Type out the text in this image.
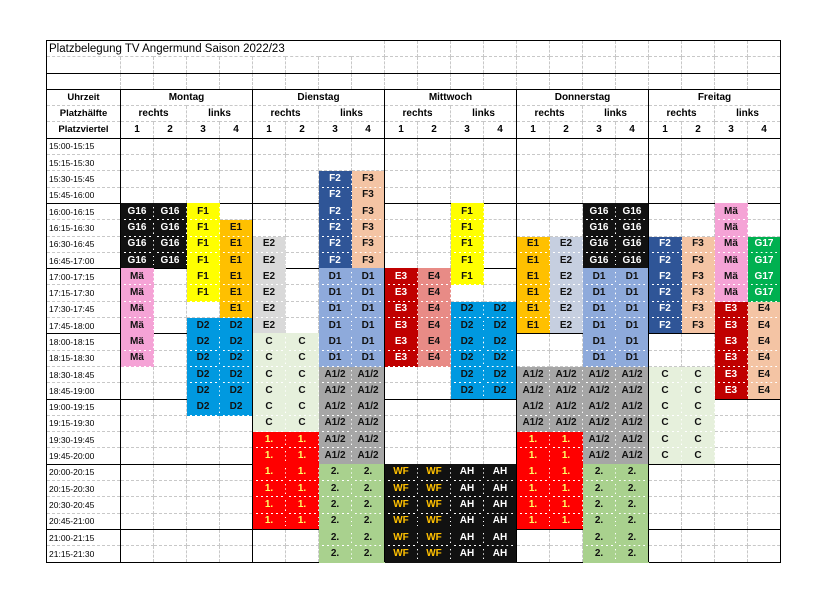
Platzbelegung TV Angermund Saison 2022/23																				

Uhrzeit	Montag				Dienstag				Mittwoch				Donnerstag				Freitag			
Platzhälfte	rechts		links		rechts		links		rechts		links		rechts		links		rechts		links	
Platzviertel	1	2	3	4	1	2	3	4	1	2	3	4	1	2	3	4	1	2	3	4
15:00-15:15																				
15:15-15:30																				
15:30-15:45							F2	F3												
15:45-16:00							F2	F3												
16:00-16:15	G16	G16	F1				F2	F3			F1				G16	G16			Mä	
16:15-16:30	G16	G16	F1	E1			F2	F3			F1				G16	G16			Mä	
16:30-16:45	G16	G16	F1	E1	E2		F2	F3			F1		E1	E2	G16	G16	F2	F3	Mä	G17
16:45-17:00	G16	G16	F1	E1	E2		F2	F3			F1		E1	E2	G16	G16	F2	F3	Mä	G17
17:00-17:15	Mä		F1	E1	E2		D1	D1	E3	E4	F1		E1	E2	D1	D1	F2	F3	Mä	G17
17:15-17:30	Mä		F1	E1	E2		D1	D1	E3	E4			E1	E2	D1	D1	F2	F3	Mä	G17
17:30-17:45	Mä			E1	E2		D1	D1	E3	E4	D2	D2	E1	E2	D1	D1	F2	F3	E3	E4
17:45-18:00	Mä		D2	D2	E2		D1	D1	E3	E4	D2	D2	E1	E2	D1	D1	F2	F3	E3	E4
18:00-18:15	Mä		D2	D2	C	C	D1	D1	E3	E4	D2	D2			D1	D1			E3	E4
18:15-18:30	Mä		D2	D2	C	C	D1	D1	E3	E4	D2	D2			D1	D1			E3	E4
18:30-18:45			D2	D2	C	C	A1/2	A1/2			D2	D2	A1/2	A1/2	A1/2	A1/2	C	C	E3	E4
18:45-19:00			D2	D2	C	C	A1/2	A1/2			D2	D2	A1/2	A1/2	A1/2	A1/2	C	C	E3	E4
19:00-19:15			D2	D2	C	C	A1/2	A1/2					A1/2	A1/2	A1/2	A1/2	C	C		
19:15-19:30					C	C	A1/2	A1/2					A1/2	A1/2	A1/2	A1/2	C	C		
19:30-19:45					1.	1.	A1/2	A1/2					1.	1.	A1/2	A1/2	C	C		
19:45-20:00					1.	1.	A1/2	A1/2					1.	1.	A1/2	A1/2	C	C		
20:00-20:15					1.	1.	2.	2.	WF	WF	AH	AH	1.	1.	2.	2.				
20:15-20:30					1.	1.	2.	2.	WF	WF	AH	AH	1.	1.	2.	2.				
20:30-20:45					1.	1.	2.	2.	WF	WF	AH	AH	1.	1.	2.	2.				
20:45-21:00					1.	1.	2.	2.	WF	WF	AH	AH	1.	1.	2.	2.				
21:00-21:15							2.	2.	WF	WF	AH	AH			2.	2.				
21:15-21:30							2.	2.	WF	WF	AH	AH			2.	2.				
